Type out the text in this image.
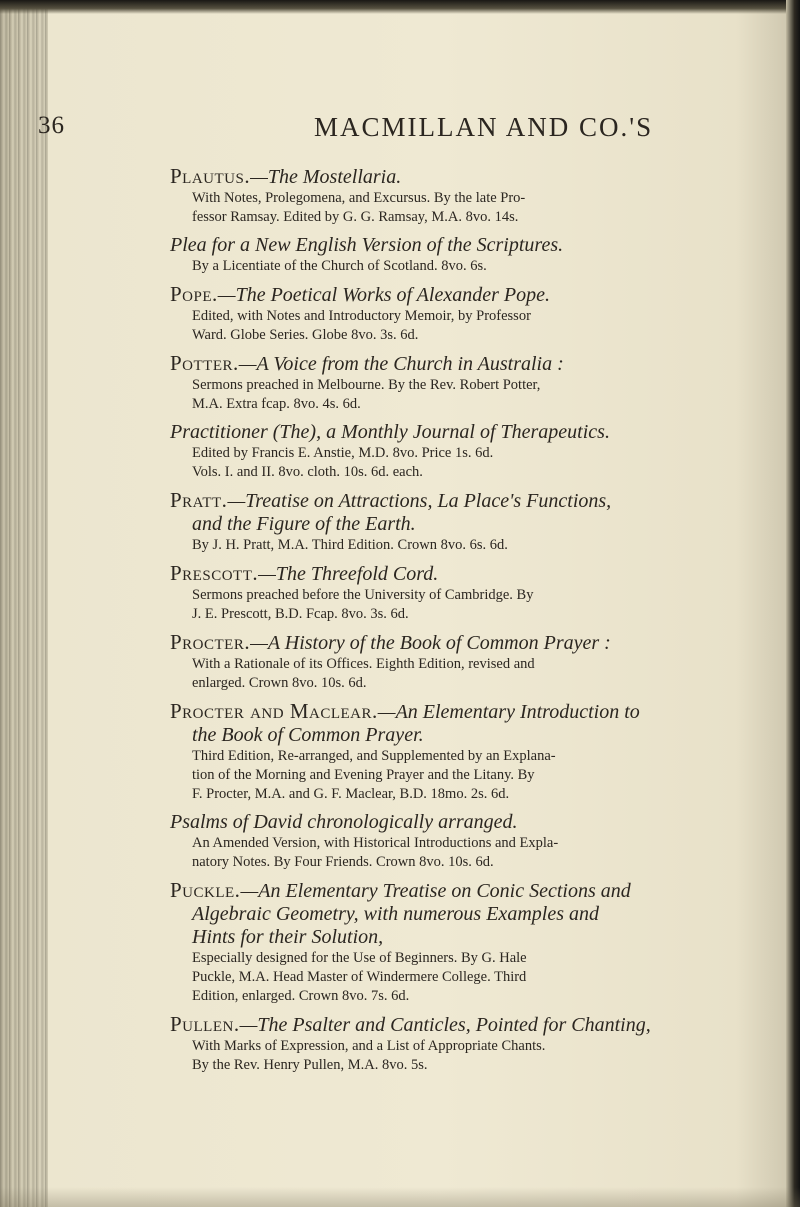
36	MACMILLAN AND CO.'S
Plautus.—The Mostellaria.
With Notes, Prolegomena, and Excursus. By the late Pro-
fessor Ramsay. Edited by G. G. Ramsay, M.A. 8vo. 14s.
Plea for a New English Version of the Scriptures.
By a Licentiate of the Church of Scotland. 8vo. 6s.
Pope.—The Poetical Works of Alexander Pope.
Edited, with Notes and Introductory Memoir, by Professor
Ward. Globe Series. Globe 8vo. 3s. 6d.
Potter.—A Voice from the Church in Australia :
Sermons preached in Melbourne. By the Rev. Robert Potter,
M.A. Extra fcap. 8vo. 4s. 6d.
Practitioner (The), a Monthly Journal of Therapeutics.
Edited by Francis E. Anstie, M.D. 8vo. Price 1s. 6d.
Vols. I. and II. 8vo. cloth. 10s. 6d. each.
Pratt.—Treatise on Attractions, La Place's Functions,
and the Figure of the Earth.
By J. H. Pratt, M.A. Third Edition. Crown 8vo. 6s. 6d.
Prescott.—The Threefold Cord.
Sermons preached before the University of Cambridge. By
J. E. Prescott, B.D. Fcap. 8vo. 3s. 6d.
Procter.—A History of the Book of Common Prayer :
With a Rationale of its Offices. Eighth Edition, revised and
enlarged. Crown 8vo. 10s. 6d.
Procter and Maclear.—An Elementary Introduction to
the Book of Common Prayer.
Third Edition, Re-arranged, and Supplemented by an Explana-
tion of the Morning and Evening Prayer and the Litany. By
F. Procter, M.A. and G. F. Maclear, B.D. 18mo. 2s. 6d.
Psalms of David chronologically arranged.
An Amended Version, with Historical Introductions and Expla-
natory Notes. By Four Friends. Crown 8vo. 10s. 6d.
Puckle.—An Elementary Treatise on Conic Sections and
Algebraic Geometry, with numerous Examples and
Hints for their Solution,
Especially designed for the Use of Beginners. By G. Hale
Puckle, M.A. Head Master of Windermere College. Third
Edition, enlarged. Crown 8vo. 7s. 6d.
Pullen.—The Psalter and Canticles, Pointed for Chanting,
With Marks of Expression, and a List of Appropriate Chants.
By the Rev. Henry Pullen, M.A. 8vo. 5s.
